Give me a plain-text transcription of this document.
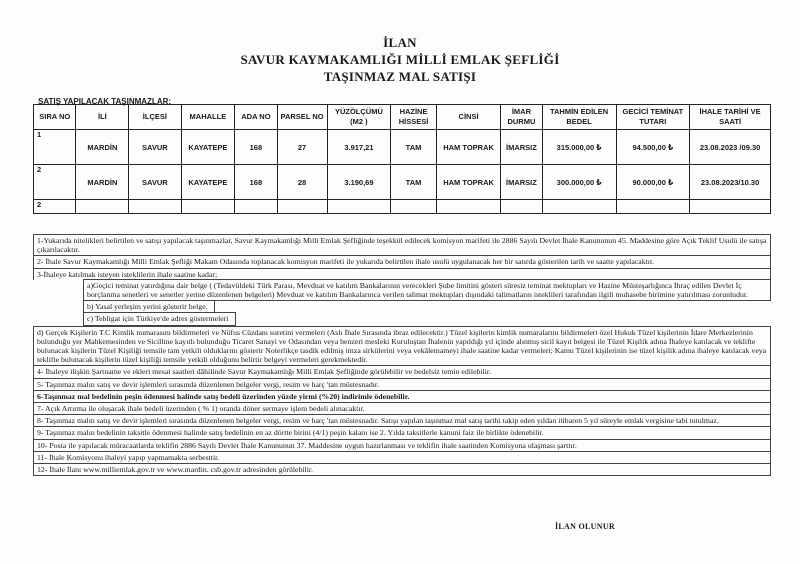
İLAN
SAVUR KAYMAKAMLIĞI MİLLİ EMLAK ŞEFLİĞİ
TAŞINMAZ MAL SATIŞI
SATIŞ YAPILACAK TAŞINMAZLAR;
SIRA NO	İLİ	İLÇESİ	MAHALLE	ADA NO	PARSEL NO	YÜZÖLÇÜMÜ (M2 )	HAZİNE HİSSESİ	CİNSİ	İMAR DURMU	TAHMİN EDİLEN BEDEL	GECİCİ TEMİNAT TUTARI	İHALE TARİHİ VE SAATİ
1	MARDİN	SAVUR	KAYATEPE	168	27	3.917,21	TAM	HAM TOPRAK	İMARSIZ	315.000,00 ₺	94.500,00 ₺	23.08.2023 /09.30
2	MARDİN	SAVUR	KAYATEPE	168	28	3.190,69	TAM	HAM TOPRAK	İMARSIZ	300.000,00 ₺	90.000,00 ₺	23.08.2023/10.30
2												
1-Yukarıda nitelikleri belirtilen ve satışı yapılacak taşınmazlar, Savur Kaymakamlığı Milli Emlak Şefliğinde teşekkül edilecek komisyon marifeti ile 2886 Sayılı Devlet İhale Kanununun 45. Maddesine göre Açık Teklif Usulü ile satışa çıkarılacaktır.
2- İhale Savur Kaymakamlığı Milli Emlak Şefliği Makam Odasında toplanacak komisyon marifeti ile yukarıda belirtilen ihale usulü uygulanacak her bir satırda gösterilen tarih ve saatte yapılacaktır.
3-İhaleye katılmak isteyen isteklilerin ihale saatine kadar;
a)Geçici teminat yatırdığına dair belge ( (Tedavüldeki Türk Parası, Mevduat ve katılım Bankalarının verecekleri Şube limitini gösteri süresiz teminat mektupları ve Hazine Müsteşarlığınca İhraç edilen Devlet İç borçlanma senetleri ve senetler yerine düzenlenen belgeleri) Mevduat ve katılım Bankalarınca verilen talimat mektupları dışındaki talimatların isteklileri tarafından ilgili muhasebe birimine yatırılması zorunludur.
b) Yasal yerleşim yerini gösterir belge.
c) Tebligat için Türkiye'de adres göstermeleri
d) Gerçek Kişilerin T.C Kimlik numarasını bildirmeleri ve Nüfus Cüzdanı suretini vermeleri (Aslı İhale Sırasında ibraz edilecektir.) Tüzel kişilerin kimlik numaralarını bildirmeleri özel Hukuk Tüzel kişilerinin İdare Merkezlerinin bulunduğu yer Mahkemesinden ve Sicilline kayıtlı bulunduğu Ticaret Sanayi ve Odasından veya benzeri mesleki Kuruluştan İhalenin yapıldığı yıl içinde alınmış sicil kayıt belgesi ile Tüzel Kişilik adına İhaleye katılacak ve teklifte bulunacak kişilerin Tüzel Kişiliği temsile tam yetkili olduklarını gösterir Noterlikçe tasdik edilmiş imza sirkülerini veya vekâletnameyi ihale saatine kadar vermeleri; Kamu Tüzel kişilerinin ise tüzel kişilik adına ihaleye katılacak veya teklifte bulunacak kişilerin tüzel kişiliği temsile yetkili olduğunu belirtir belgeyi vermeleri gerekmektedir.
4- İhaleye ilişkin Şartname ve ekleri mesai saatleri dâhilinde Savur Kaymakamlığı Milli Emlak Şefliğinde görülebilir ve bedelsiz temin edilebilir.
5- Taşınmaz malın satış ve devir işlemleri sırasında düzenlenen belgeler vergi, resim ve harç 'tan müstesnadır.
6-Taşınmaz mal bedelinin peşin ödenmesi halinde satış bedeli üzerinden yüzde yirmi (%20) indirimle ödenebilir.
7- Açık Artırma ile oluşacak ihale bedeli üzerinden ( % 1) oranda döner sermaye işlem bedeli alınacaktır.
8- Taşınmaz malın satış ve devir işlemleri sırasında düzenlenen belgeler vergi, resim ve harç 'tan müstesnadır. Satışı yapılan taşınmaz mal satış tarihi takip eden yıldan itibaren 5 yıl süreyle emlak vergisine tabi tutulmaz.
9- Taşınmaz malın bedelinin taksitle ödenmesi halinde satış bedelinin en az dörtte birini (4/1) peşin kalanı ise 2. Yılda taksitlerle kanuni faiz ile birlikte ödenebilir.
10- Posta ile yapılacak müracaatlarda teklifin 2886 Sayılı Devlet İhale Kanununun 37. Maddesine uygun hazırlanması ve teklifin ihale saatinden Komisyona ulaşması şarttır.
11- İhale Komisyonu ihaleyi yapıp yapmamakta serbesttir.
12- İhale İlanı www.milliemlak.gov.tr ve www.mardin. csb.gov.tr adresinden görülebilir.
İLAN OLUNUR
